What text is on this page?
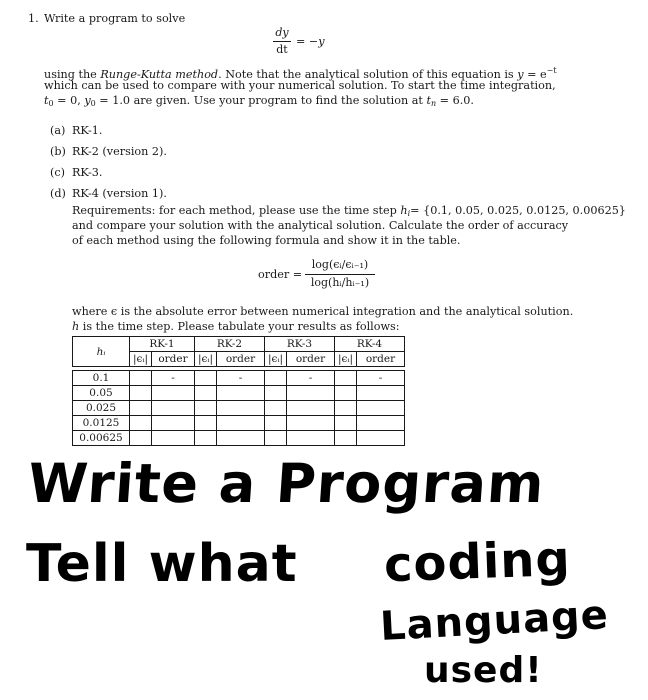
1. Write a program to solve
dy
dt
= −y
using the Runge-Kutta method. Note that the analytical solution of this equation is $y = e^{-t}$
which can be used to compare with your numerical solution. To start the time integration,
$t_0 = 0$, $y_0 = 1.0$ are given. Use your program to find the solution at $t_n = 6.0$.
(a) RK-1.
(b) RK-2 (version 2).
(c) RK-3.
(d) RK-4 (version 1).
Requirements: for each method, please use the time step $h_i= \{0.1$, 0.05, 0.025, 0.0125, 0.00625}
and compare your solution with the analytical solution. Calculate the order of accuracy
of each method using the following formula and show it in the table.
order =
log(ϵᵢ/ϵᵢ₋₁)
log(hᵢ/hᵢ₋₁)
where ϵ is the absolute error between numerical integration and the analytical solution.
h is the time step. Please tabulate your results as follows:
hᵢ	RK-1		RK-2		RK-3		RK-4	
	|ϵᵢ|	order	|ϵᵢ|	order	|ϵᵢ|	order	|ϵᵢ|	order

0.1		-		-		-		-
0.05								
0.025								
0.0125								
0.00625								
Write a Program
Tell what coding
Language
used!
